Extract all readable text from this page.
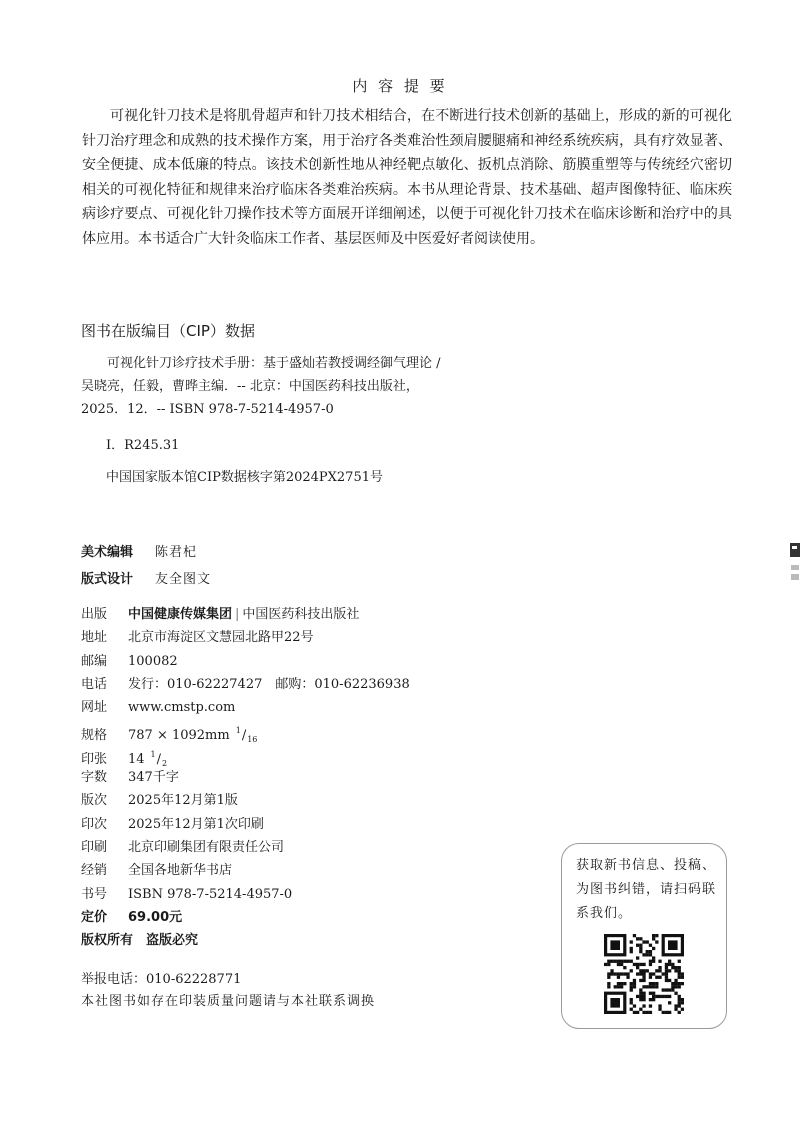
内 容 提 要
可视化针刀技术是将肌骨超声和针刀技术相结合，在不断进行技术创新的基础上，形成的新的可视化针刀治疗理念和成熟的技术操作方案，用于治疗各类难治性颈肩腰腿痛和神经系统疾病，具有疗效显著、安全便捷、成本低廉的特点。该技术创新性地从神经靶点敏化、扳机点消除、筋膜重塑等与传统经穴密切相关的可视化特征和规律来治疗临床各类难治疾病。本书从理论背景、技术基础、超声图像特征、临床疾病诊疗要点、可视化针刀操作技术等方面展开详细阐述，以便于可视化针刀技术在临床诊断和治疗中的具体应用。本书适合广大针灸临床工作者、基层医师及中医爱好者阅读使用。
图书在版编目（CIP）数据
可视化针刀诊疗技术手册：基于盛灿若教授调经御气理论 / 吴晓亮，任毅，曹晔主编．-- 北京：中国医药科技出版社，2025．12．-- ISBN 978-7-5214-4957-0
Ⅰ．R245.31
中国国家版本馆CIP数据核字第2024PX2751号
美术编辑 陈君杞
版式设计 友全图文
出版 中国健康传媒集团 | 中国医药科技出版社
地址 北京市海淀区文慧园北路甲22号
邮编 100082
电话 发行：010-62227427　邮购：010-62236938
网址 www.cmstp.com
规格 787 × 1092mm $^1/_{16}$
印张 14 $^1/_2$
字数 347千字
版次 2025年12月第1版
印次 2025年12月第1次印刷
印刷 北京印刷集团有限责任公司
经销 全国各地新华书店
书号 ISBN 978-7-5214-4957-0
定价 69.00元
版权所有　盗版必究
举报电话：010-62228771
本社图书如存在印装质量问题请与本社联系调换
获取新书信息、投稿、为图书纠错，请扫码联系我们。
